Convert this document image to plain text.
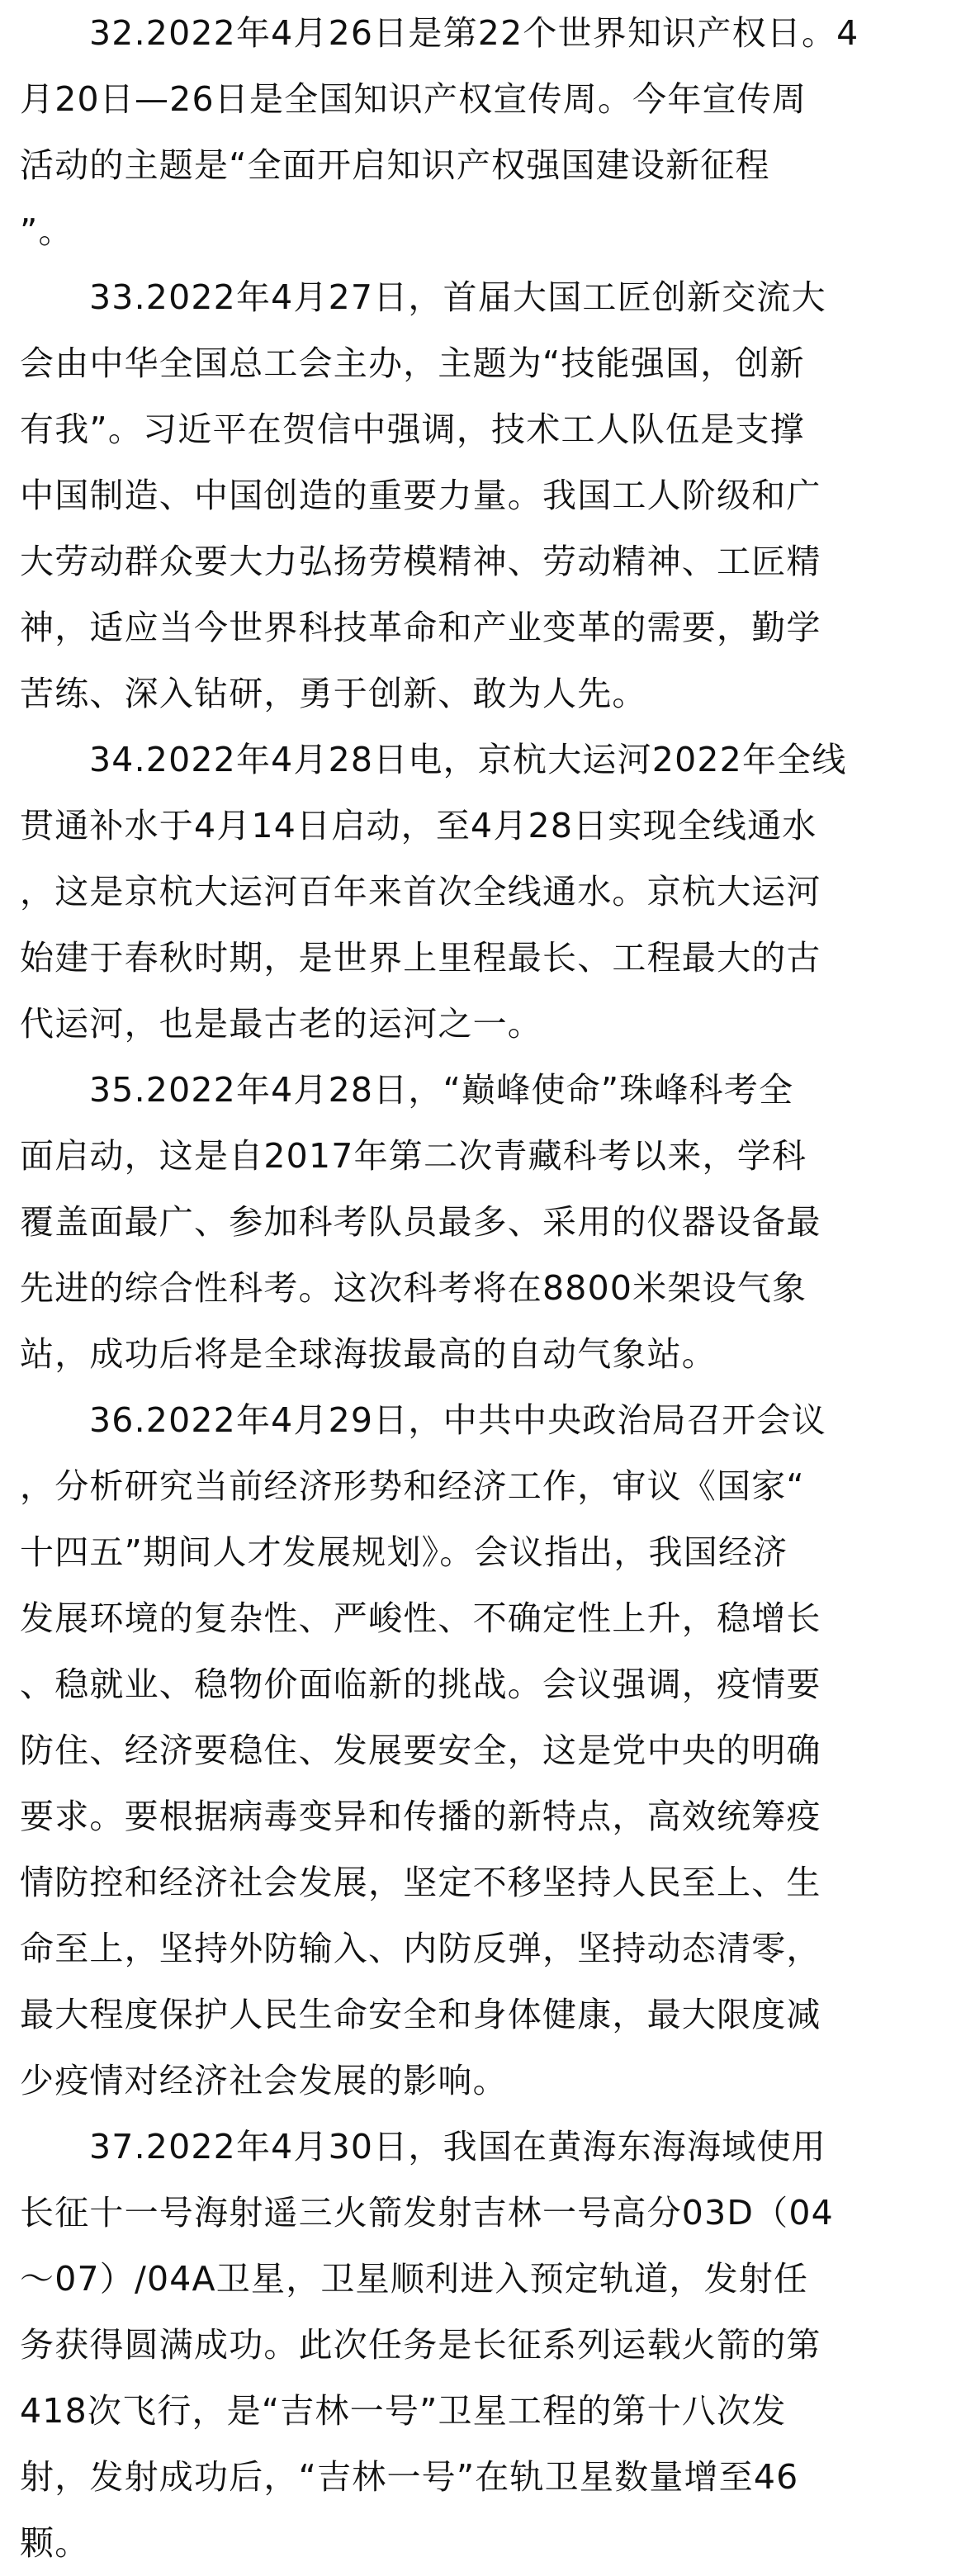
32.2022年4月26日是第22个世界知识产权日。4
月20日—26日是全国知识产权宣传周。今年宣传周
活动的主题是“全面开启知识产权强国建设新征程
”。

33.2022年4月27日，首届大国工匠创新交流大
会由中华全国总工会主办，主题为“技能强国，创新
有我”。习近平在贺信中强调，技术工人队伍是支撑
中国制造、中国创造的重要力量。我国工人阶级和广
大劳动群众要大力弘扬劳模精神、劳动精神、工匠精
神，适应当今世界科技革命和产业变革的需要，勤学
苦练、深入钻研，勇于创新、敢为人先。

34.2022年4月28日电，京杭大运河2022年全线
贯通补水于4月14日启动，至4月28日实现全线通水
，这是京杭大运河百年来首次全线通水。京杭大运河
始建于春秋时期，是世界上里程最长、工程最大的古
代运河，也是最古老的运河之一。

35.2022年4月28日，“巅峰使命”珠峰科考全
面启动，这是自2017年第二次青藏科考以来，学科
覆盖面最广、参加科考队员最多、采用的仪器设备最
先进的综合性科考。这次科考将在8800米架设气象
站，成功后将是全球海拔最高的自动气象站。

36.2022年4月29日，中共中央政治局召开会议
，分析研究当前经济形势和经济工作，审议《国家“
十四五”期间人才发展规划》。会议指出，我国经济
发展环境的复杂性、严峻性、不确定性上升，稳增长
、稳就业、稳物价面临新的挑战。会议强调，疫情要
防住、经济要稳住、发展要安全，这是党中央的明确
要求。要根据病毒变异和传播的新特点，高效统筹疫
情防控和经济社会发展，坚定不移坚持人民至上、生
命至上，坚持外防输入、内防反弹，坚持动态清零，
最大程度保护人民生命安全和身体健康，最大限度减
少疫情对经济社会发展的影响。

37.2022年4月30日，我国在黄海东海海域使用
长征十一号海射遥三火箭发射吉林一号高分03D（04
～07）/04A卫星，卫星顺利进入预定轨道，发射任
务获得圆满成功。此次任务是长征系列运载火箭的第
418次飞行，是“吉林一号”卫星工程的第十八次发
射，发射成功后，“吉林一号”在轨卫星数量增至46
颗。
